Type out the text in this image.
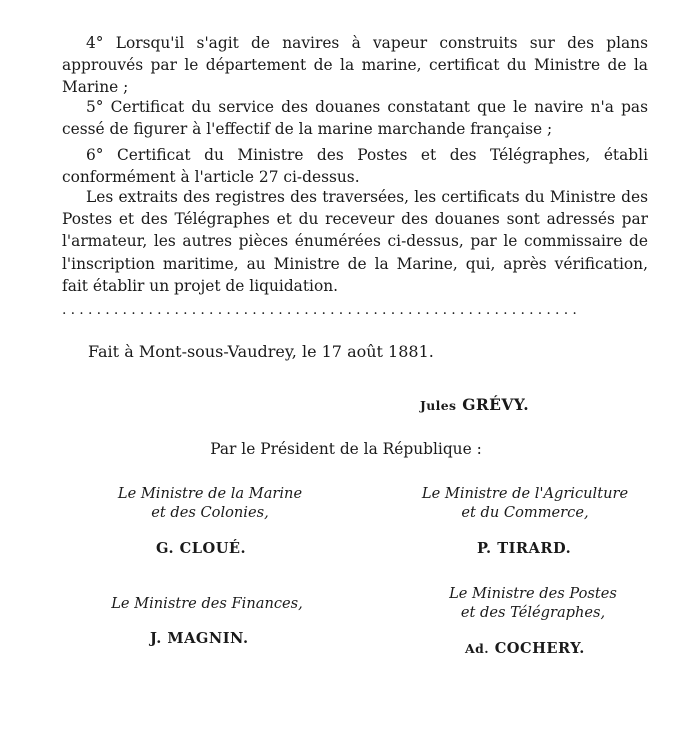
4° Lorsqu'il s'agit de navires à vapeur construits sur des plans approuvés par le département de la marine, certificat du Ministre de la Marine ;

5° Certificat du service des douanes constatant que le navire n'a pas cessé de figurer à l'effectif de la marine marchande française ;

6° Certificat du Ministre des Postes et des Télégraphes, établi conformément à l'article 27 ci-dessus.

Les extraits des registres des traversées, les certificats du Ministre des Postes et des Télégraphes et du receveur des douanes sont adressés par l'armateur, les autres pièces énumérées ci-dessus, par le commissaire de l'inscription maritime, au Ministre de la Marine, qui, après vérification, fait établir un projet de liquidation.

............................................................

Fait à Mont-sous-Vaudrey, le 17 août 1881.

Jules GRÉVY.

Par le Président de la République :

Le Ministre de la Marine
et des Colonies,

G. CLOUÉ.

Le Ministre de l'Agriculture
et du Commerce,

P. TIRARD.

Le Ministre des Finances,

J. MAGNIN.

Le Ministre des Postes
et des Télégraphes,

Ad. COCHERY.
